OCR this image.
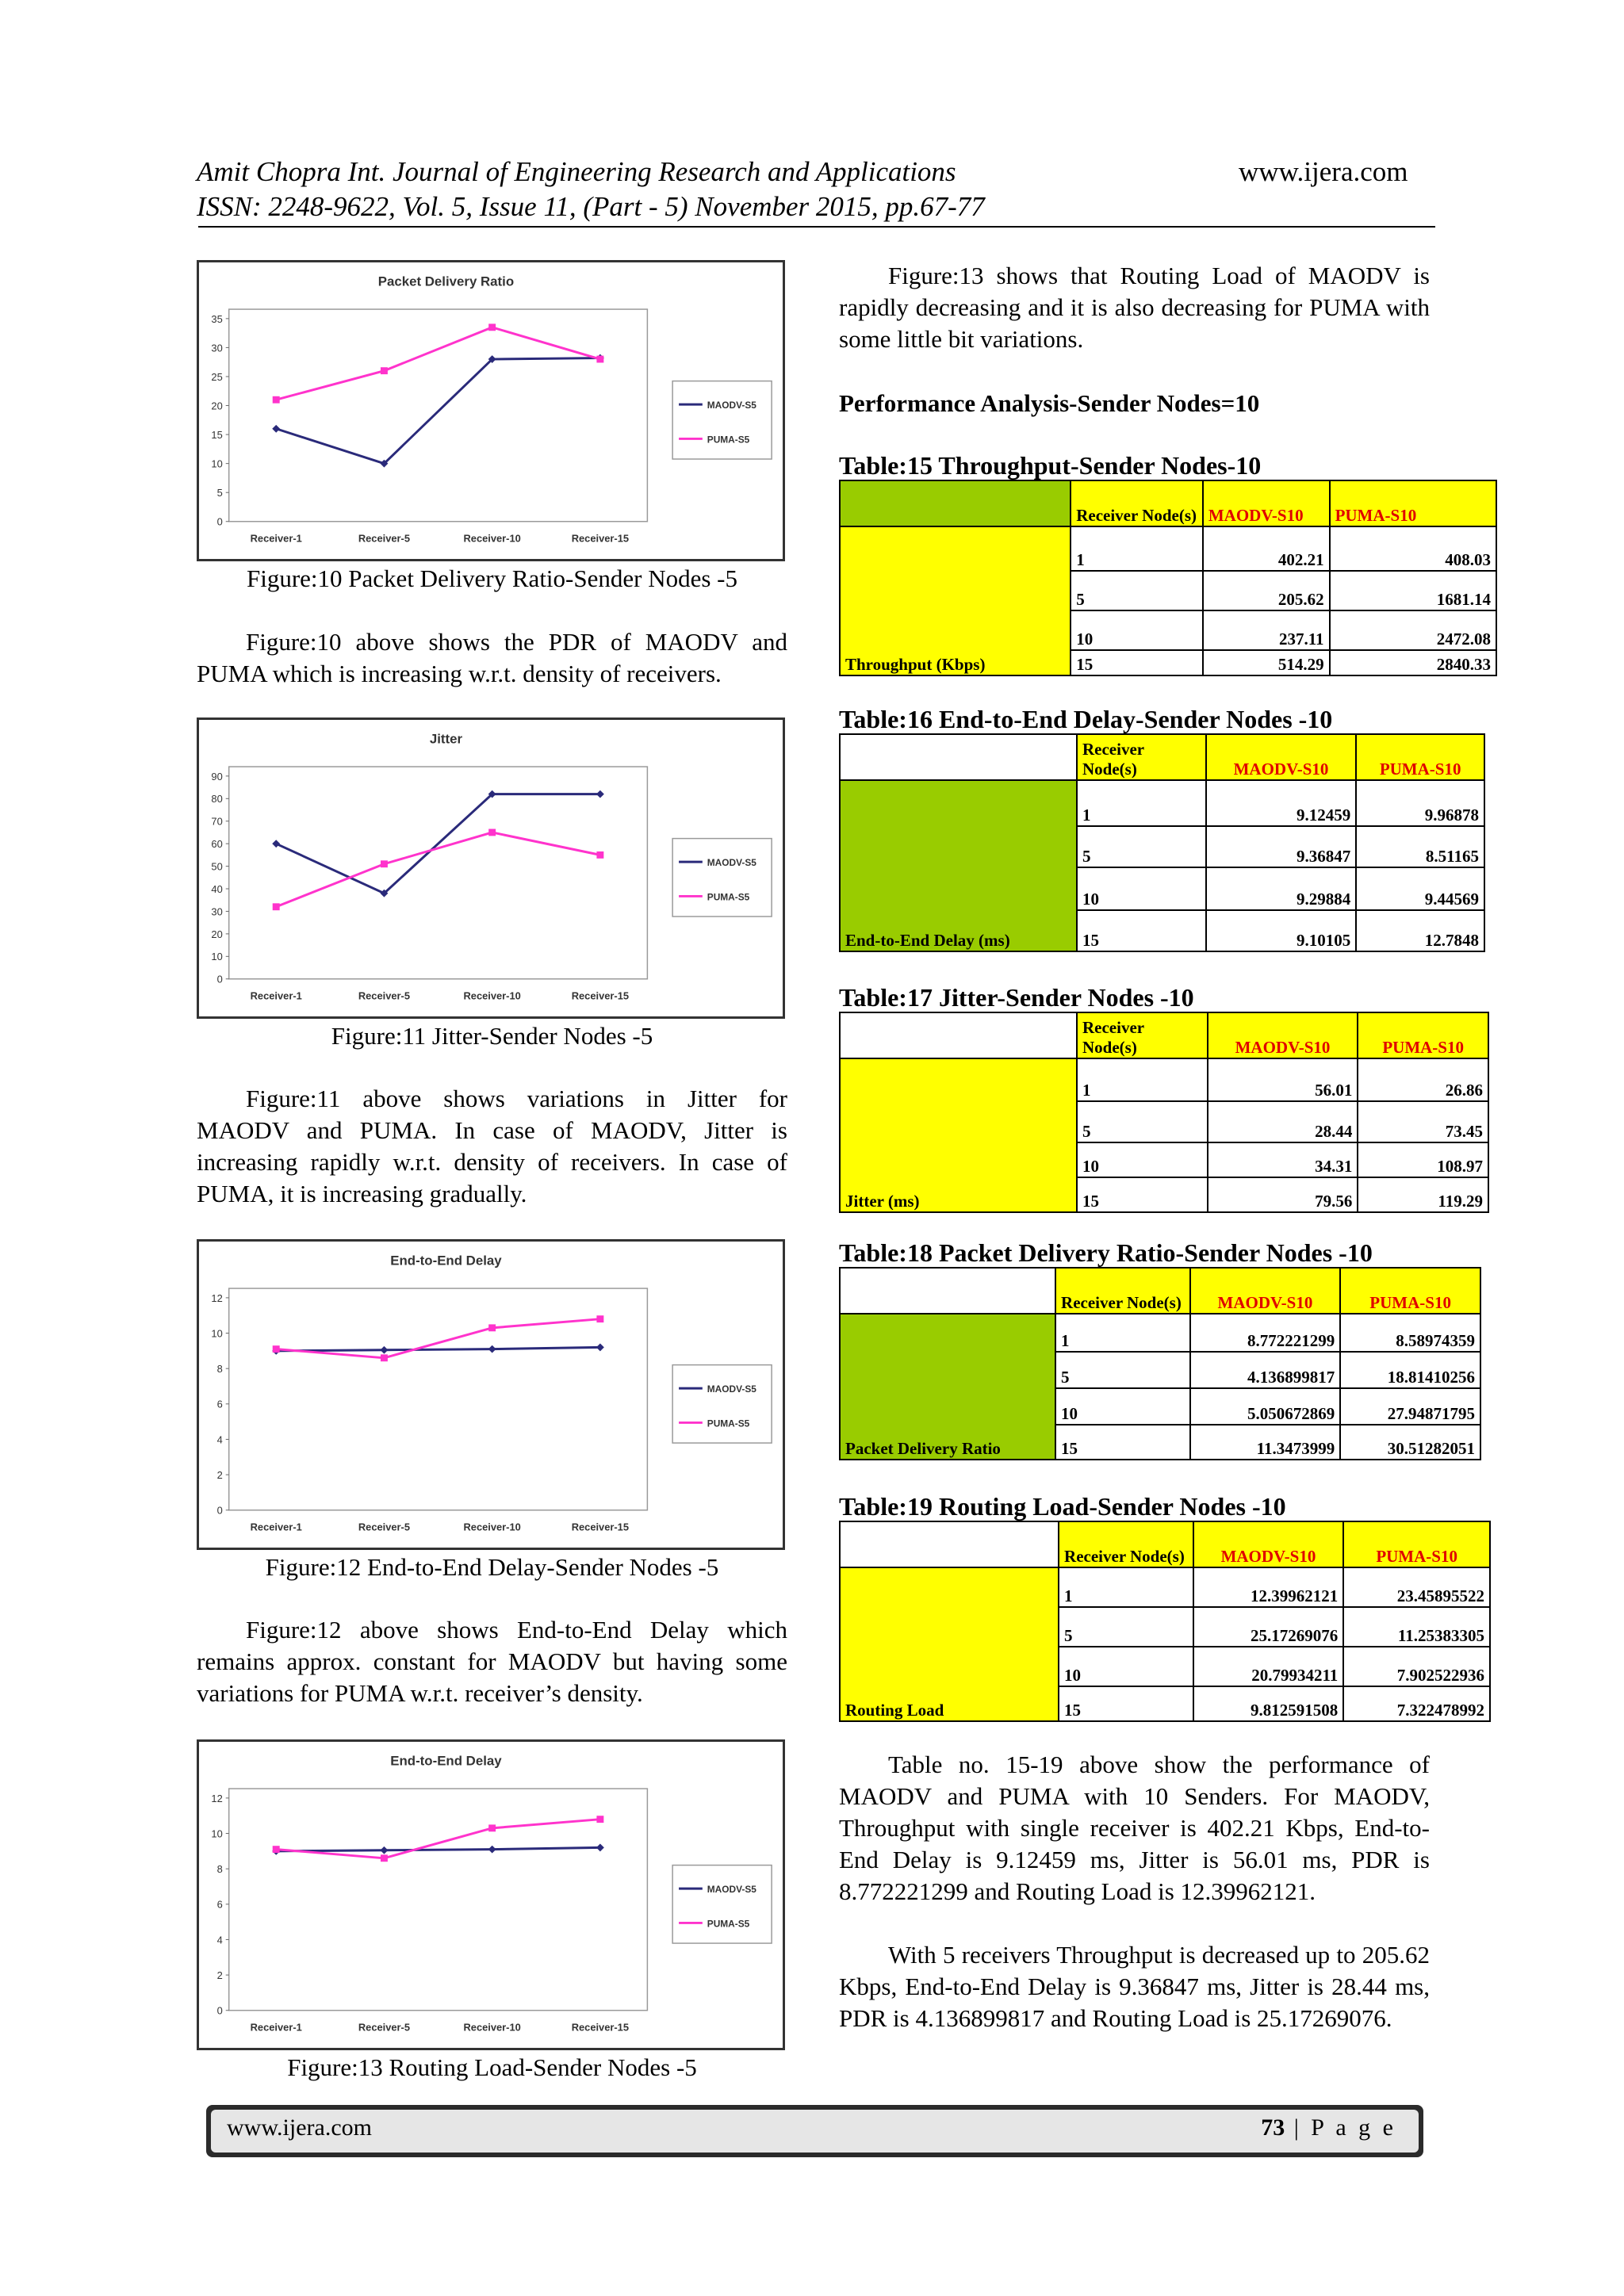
Amit Chopra Int. Journal of Engineering Research and Applications	www.ijera.com
ISSN: 2248-9622, Vol. 5, Issue 11, (Part - 5) November 2015, pp.67-77
Packet Delivery Ratio
0
5
10
15
20
25
30
35
Receiver-1	Receiver-5	Receiver-10	Receiver-15
MAODV-S5
PUMA-S5

Figure:10 Packet Delivery Ratio-Sender Nodes -5

Figure:10 above shows the PDR of MAODV and PUMA which is increasing w.r.t. density of receivers.

Jitter
0
10
20
30
40
50
60
70
80
90
Receiver-1	Receiver-5	Receiver-10	Receiver-15
MAODV-S5
PUMA-S5

Figure:11 Jitter-Sender Nodes -5

Figure:11 above shows variations in Jitter for MAODV and PUMA. In case of MAODV, Jitter is increasing rapidly w.r.t. density of receivers. In case of PUMA, it is increasing gradually.

End-to-End Delay
0
2
4
6
8
10
12
Receiver-1	Receiver-5	Receiver-10	Receiver-15
MAODV-S5
PUMA-S5

Figure:12 End-to-End Delay-Sender Nodes -5

Figure:12 above shows End-to-End Delay which remains approx. constant for MAODV but having some variations for PUMA w.r.t. receiver’s density.

End-to-End Delay
0
2
4
6
8
10
12
Receiver-1	Receiver-5	Receiver-10	Receiver-15
MAODV-S5
PUMA-S5

Figure:13 Routing Load-Sender Nodes -5

Figure:13 shows that Routing Load of MAODV is rapidly decreasing and it is also decreasing for PUMA with some little bit variations.

Performance Analysis-Sender Nodes=10
Table:15 Throughput-Sender Nodes-10
	Receiver Node(s)	MAODV-S10	PUMA-S10
Throughput (Kbps)	1	402.21	408.03
	5	205.62	1681.14
	10	237.11	2472.08
	15	514.29	2840.33
Table:16 End-to-End Delay-Sender Nodes -10
	Receiver Node(s)	MAODV-S10	PUMA-S10
End-to-End Delay (ms)	1	9.12459	9.96878
	5	9.36847	8.51165
	10	9.29884	9.44569
	15	9.10105	12.7848
Table:17 Jitter-Sender Nodes -10
	Receiver Node(s)	MAODV-S10	PUMA-S10
Jitter (ms)	1	56.01	26.86
	5	28.44	73.45
	10	34.31	108.97
	15	79.56	119.29
Table:18 Packet Delivery Ratio-Sender Nodes -10
	Receiver Node(s)	MAODV-S10	PUMA-S10
Packet Delivery Ratio	1	8.772221299	8.58974359
	5	4.136899817	18.81410256
	10	5.050672869	27.94871795
	15	11.3473999	30.51282051
Table:19 Routing Load-Sender Nodes -10
	Receiver Node(s)	MAODV-S10	PUMA-S10
Routing Load	1	12.39962121	23.45895522
	5	25.17269076	11.25383305
	10	20.79934211	7.902522936
	15	9.812591508	7.322478992

Table no. 15-19 above show the performance of MAODV and PUMA with 10 Senders. For MAODV, Throughput with single receiver is 402.21 Kbps, End-to-End Delay is 9.12459 ms, Jitter is 56.01 ms, PDR is 8.772221299 and Routing Load is 12.39962121.

With 5 receivers Throughput is decreased up to 205.62 Kbps, End-to-End Delay is 9.36847 ms, Jitter is 28.44 ms, PDR is 4.136899817 and Routing Load is 25.17269076.

www.ijera.com	73 | P a g e
